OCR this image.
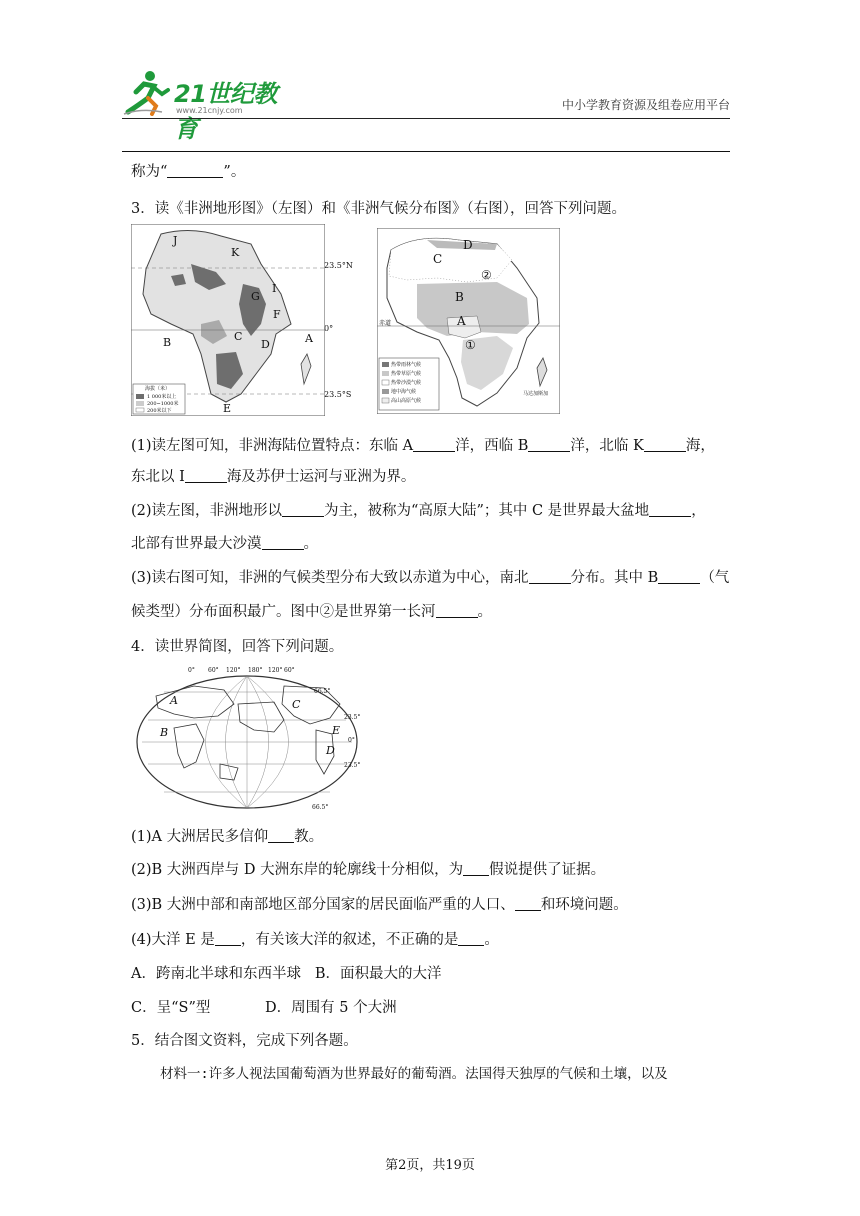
21世纪教育
www.21cnjy.com	中小学教育资源及组卷应用平台
称为“	”。
3．读《非洲地形图》（左图）和《非洲气候分布图》（右图），回答下列问题。
J
K
I
G
F
C
D
B	A
E
23.5°N
0°
23.5°S
海拔（米）
1 000米以上
200~1000米
200米以下
D
C
②
B
A
①
赤道
马达加斯加
热带雨林气候
热带草原气候
热带沙漠气候
地中海气候
高山高原气候
(1)读左图可知，非洲海陆位置特点：东临 A	洋，西临 B	洋，北临 K	海，
东北以 I	海及苏伊士运河与亚洲为界。
(2)读左图，非洲地形以	为主，被称为“高原大陆”；其中 C 是世界最大盆地	，
北部有世界最大沙漠	。
(3)读右图可知，非洲的气候类型分布大致以赤道为中心，南北	分布。其中 B	（气
候类型）分布面积最广。图中②是世界第一长河	。
4．读世界简图，回答下列问题。
0° 60° 120° 180° 120° 60°
A	C
B	E
D
66.5°
23.5°
0°
23.5°
66.5°
(1)A 大洲居民多信仰 教。
(2)B 大洲西岸与 D 大洲东岸的轮廓线十分相似，为 假说提供了证据。
(3)B 大洲中部和南部地区部分国家的居民面临严重的人口、 和环境问题。
(4)大洋 E 是 ，有关该大洋的叙述，不正确的是 。
A．跨南北半球和东西半球 B．面积最大的大洋
C．呈“S”型	D．周围有 5 个大洲
5．结合图文资料，完成下列各题。
材料一:许多人视法国葡萄酒为世界最好的葡萄酒。法国得天独厚的气候和土壤，以及
第2页，共19页
